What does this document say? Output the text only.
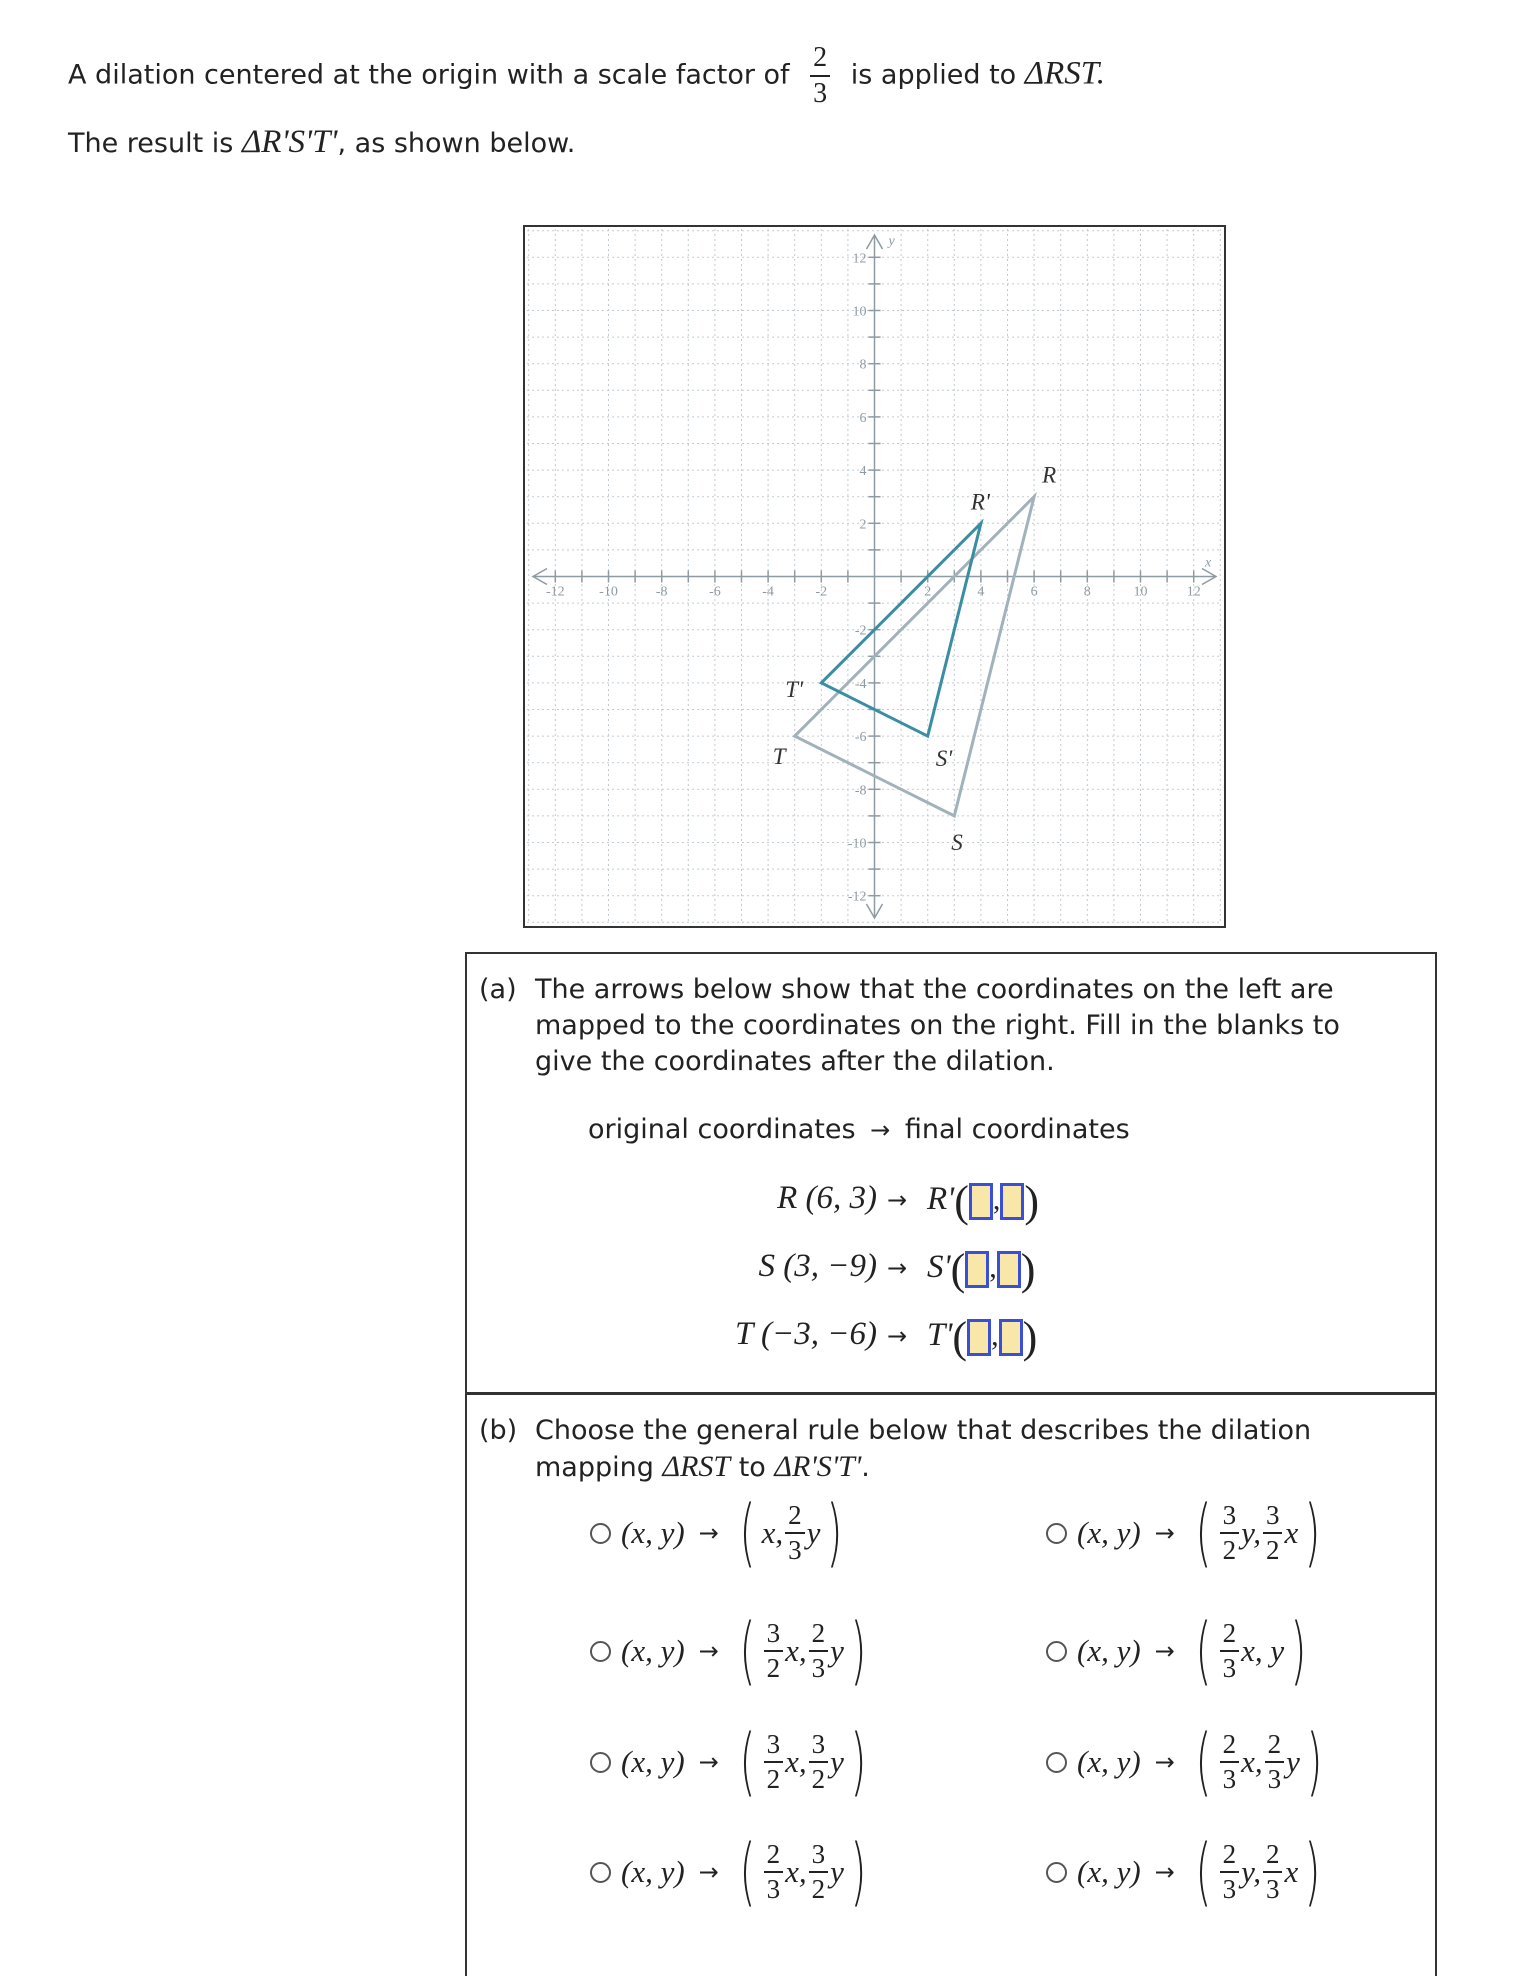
A dilation centered at the origin with a scale factor of $\frac{2}{3}$ is applied to ΔRST.
The result is ΔR'S'T', as shown below.
-12 -10	-8	-6	-4	-2	2	4	6	8	10	12
12
10
8
6
4
2
-2
-4
-6
-8
-10
-12
y
x
R
S
T
R'
S'
T'
(a) The arrows below show that the coordinates on the left are mapped to the coordinates on the right. Fill in the blanks to give the coordinates after the dilation.
original coordinates → final coordinates
R (6, 3) → R'( , )
S (3, −9) → S'( , )
T (−3, −6) → T'( , )
(b) Choose the general rule below that describes the dilation mapping ΔRST to ΔR'S'T'.
(x, y) → ( x, $\frac{2}{3}$ y )	(x, y) → ( $\frac{3}{2} y$, $\frac{3}{2}$ x )
(x, y) → ( $\frac{3}{2} x$, $\frac{2}{3}$ y )	(x, y) → ( $\frac{2}{3} x$, y )
(x, y) → ( $\frac{3}{2} x$, $\frac{3}{2}$ y )	(x, y) → ( $\frac{2}{3} x$, $\frac{2}{3}$ y )
(x, y) → ( $\frac{2}{3} x$, $\frac{3}{2}$ y )	(x, y) → ( $\frac{2}{3} y$, $\frac{2}{3}$ x )
